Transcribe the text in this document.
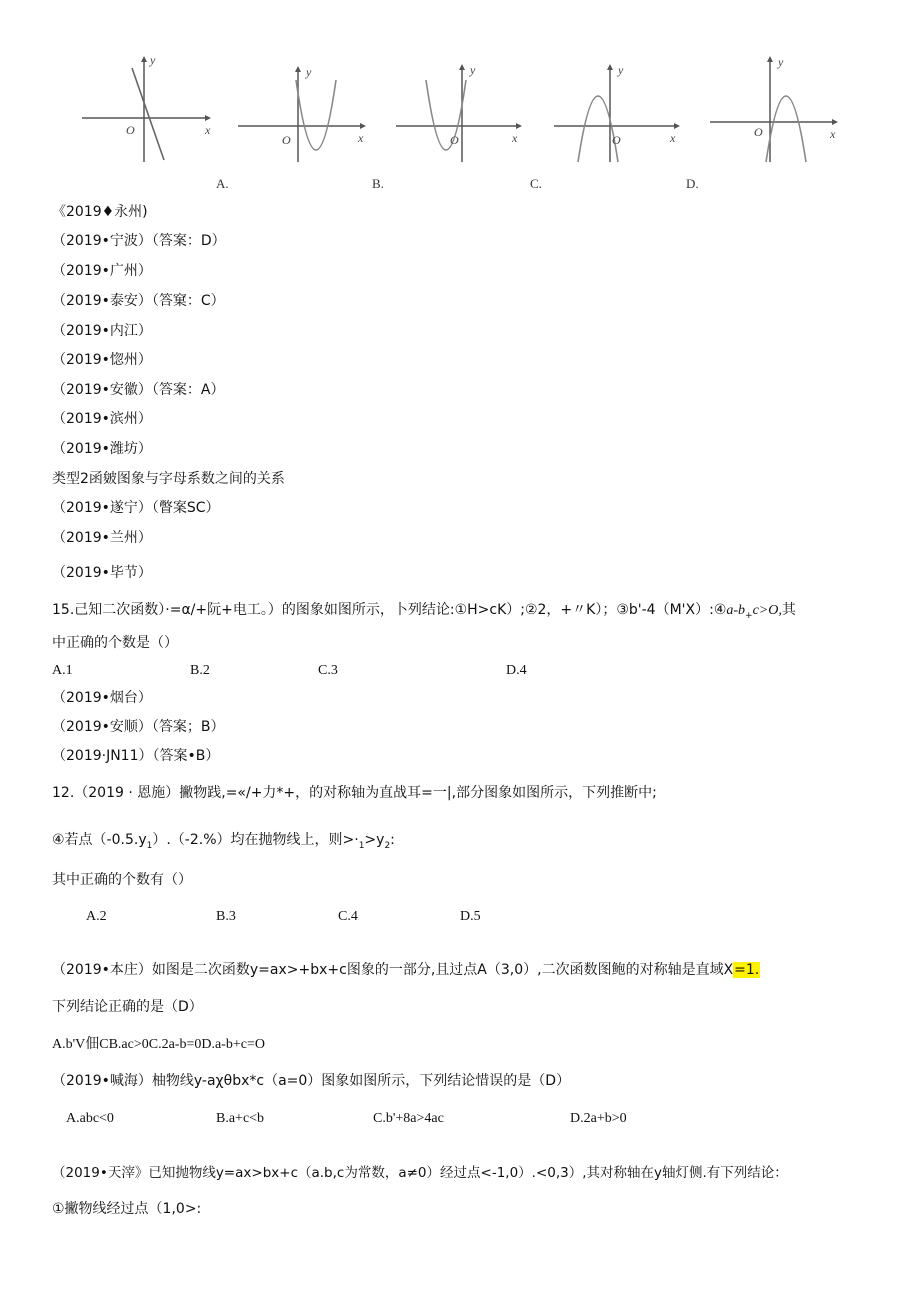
y
x
O
y
x
O
y
x
O
y
x
O
y
x
O
A.	B.	C.	D.
《2019♦永州)
（2019•宁波）（答案：D）
（2019•广州）
（2019•泰安）（答窠：C）
（2019•内江）
（2019•惚州）
（2019•安徽）（答案：A）
（2019•滨州）
（2019•潍坊）
类型2函皴图象与字母系数之间的关系
（2019•遂宁）（瞥案SC）
（2019•兰州）
（2019•毕节）
15.己知二次函数）·=α/+阮+电工。）的图象如图所示，卜列结论:①H>cK）;②2，+〃K）；$③b'-4(M'X):④a-b_+c>O$,其
中正确的个数是（）
A.1	B.2	C.3	D.4
（2019•烟台）
（2019•安顺）（答案；B）
（2019·JN11）（答案•B）
12.（2019 · 恩施）撇物践,=«/+力*+，的对称轴为直战耳=一|,部分图象如图所示，下列推断中;
④若点$(-0.5.y_1).(-2.\%)$均在抛物线上，则$>\cdot_1>y_2$:
其中正确的个数有（）
A.2	B.3	C.4	D.5
（2019•本庄）如图是二次函数y=ax>+bx+c图象的一部分,且过点A（3,0）,二次函数图鲍的对称轴是直域X=1.
下列结论正确的是（D）
A.b'V佃CB.ac>0C.2a-b=0D.a-b+c=O
（2019•喊海）柚物线y-aχθbx*c（a=0）图象如图所示，下列结论惜误的是（D）
A.abc<0	B.a+c<b	C.b'+8a>4ac	D.2a+b>0
（2019•天滓》已知抛物线y=ax>bx+c（a.b,c为常数，a≠0）经过点<-1,0）.<0,3）,其对称轴在y轴灯侧.有下列结论：
①撇物线经过点（1,0>:
